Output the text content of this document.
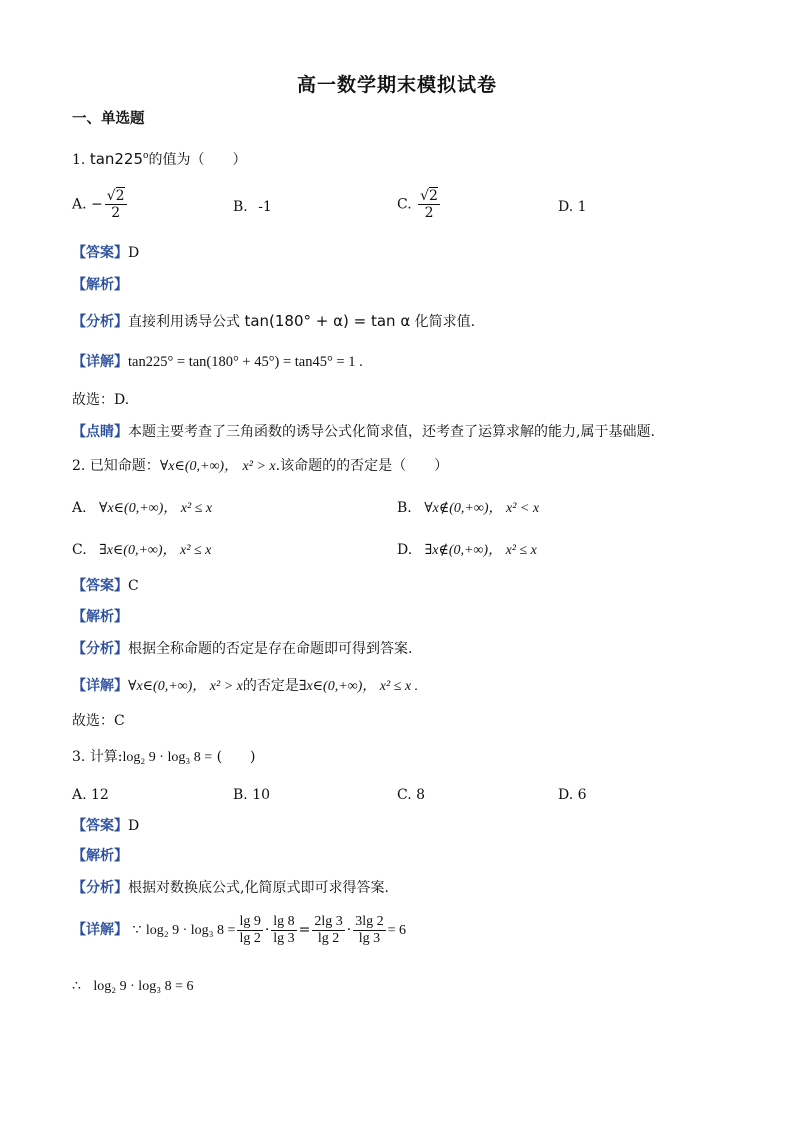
高一数学期末模拟试卷
一、单选题
1. tan225$^o$的值为（　　）
A. − $\frac{√2}{2}$	B. -1	C. $\frac{√2}{2}$	D. 1
【答案】D
【解析】
【分析】直接利用诱导公式 tan(180° + α) = tan α 化简求值.
【详解】tan225° = tan(180° + 45°) = tan45° = 1 .
故选：D.
【点睛】本题主要考查了三角函数的诱导公式化简求值，还考查了运算求解的能力,属于基础题.
2. 已知命题：∀x∈(0,+∞)， x² > x.该命题的的否定是（　　）
A. ∀x∈(0,+∞)， x² ≤ x	B. ∀x∉(0,+∞)， x² < x
C. ∃x∈(0,+∞)， x² ≤ x	D. ∃x∉(0,+∞)， x² ≤ x
【答案】C
【解析】
【分析】根据全称命题的否定是存在命题即可得到答案.
【详解】∀x∈(0,+∞)， x² > x的否定是∃x∈(0,+∞)， x² ≤ x .
故选：C
3. 计算:log₂ 9 · log₃ 8 = (　　)
A. 12	B. 10	C. 8	D. 6
【答案】D
【解析】
【分析】根据对数换底公式,化简原式即可求得答案.
【详解】 ∵ log₂ 9 · log₃ $8 = \frac{\lg 9}{\lg 2} \cdot \frac{\lg 8}{\lg 3} = \frac{2\lg 3}{\lg 2} \cdot \frac{3\lg 2}{\lg 3} = 6$
∴ log₂ 9 · log₃ 8 = 6
